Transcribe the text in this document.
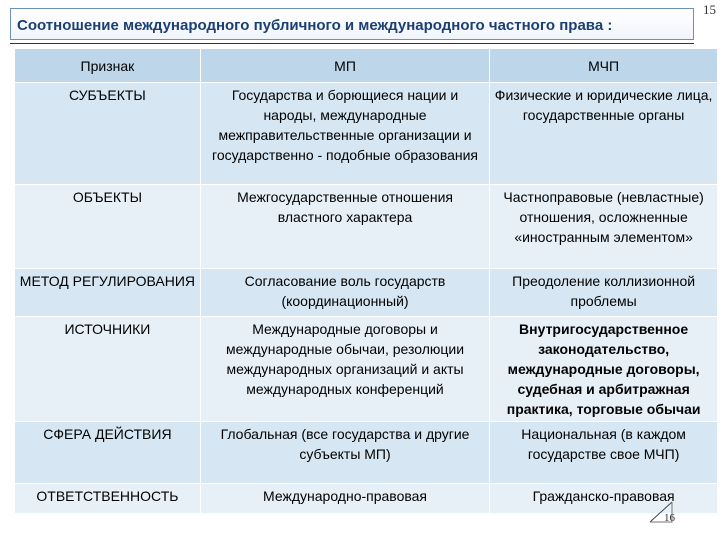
Соотношение международного публичного и международного частного права :
15
Признак	МП	МЧП
СУБЪЕКТЫ	Государства и борющиеся нации и народы, международные межправительственные организации и государственно - подобные образования	Физические и юридические лица, государственные органы
ОБЪЕКТЫ	Межгосударственные отношения властного характера	Частноправовые (невластные) отношения, осложненные «иностранным элементом»
МЕТОД РЕГУЛИРОВАНИЯ	Согласование воль государств (координационный)	Преодоление коллизионной проблемы
ИСТОЧНИКИ	Международные договоры и международные обычаи, резолюции международных организаций и акты международных конференций	Внутригосударственное законодательство, международные договоры, судебная и арбитражная практика, торговые обычаи
СФЕРА ДЕЙСТВИЯ	Глобальная (все государства и другие субъекты МП)	Национальная (в каждом государстве свое МЧП)
ОТВЕТСТВЕННОСТЬ	Международно-правовая	Гражданско-правовая
16
